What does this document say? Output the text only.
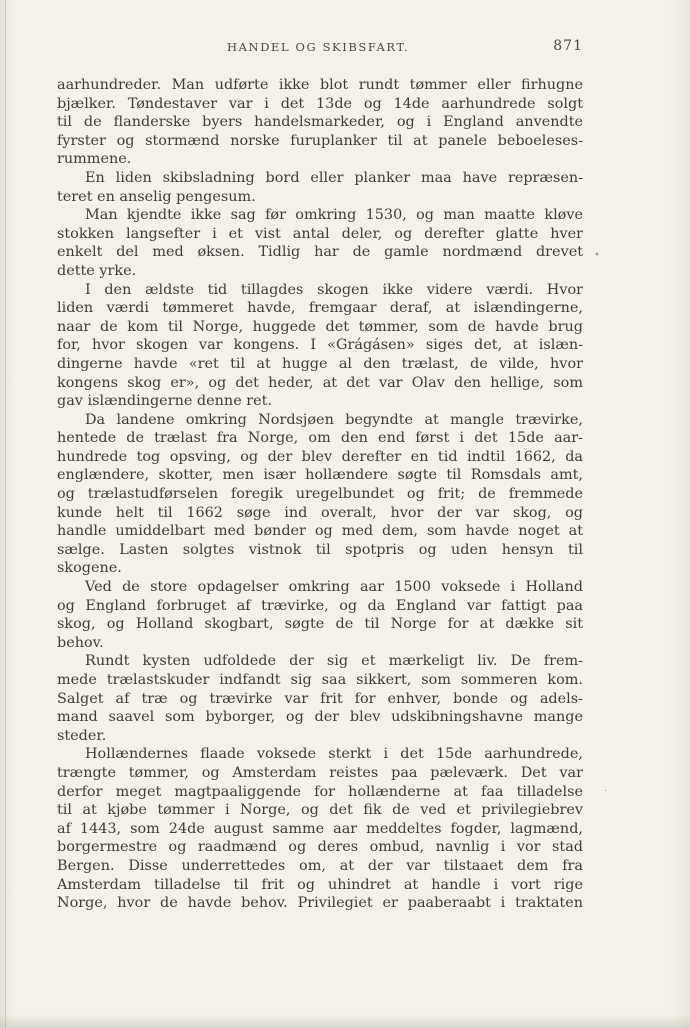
HANDEL OG SKIBSFART.	871
aarhundreder. Man udførte ikke blot rundt tømmer eller firhugne
bjælker. Tøndestaver var i det 13de og 14de aarhundrede solgt
til de flanderske byers handelsmarkeder, og i England anvendte
fyrster og stormænd norske furuplanker til at panele beboeleses-
rummene.
En liden skibsladning bord eller planker maa have repræsen-
teret en anselig pengesum.
Man kjendte ikke sag før omkring 1530, og man maatte kløve
stokken langsefter i et vist antal deler, og derefter glatte hver
enkelt del med øksen. Tidlig har de gamle nordmænd drevet
dette yrke.
I den ældste tid tillagdes skogen ikke videre værdi. Hvor
liden værdi tømmeret havde, fremgaar deraf, at islændingerne,
naar de kom til Norge, huggede det tømmer, som de havde brug
for, hvor skogen var kongens. I «Grágásen» siges det, at islæn-
dingerne havde «ret til at hugge al den trælast, de vilde, hvor
kongens skog er», og det heder, at det var Olav den hellige, som
gav islændingerne denne ret.
Da landene omkring Nordsjøen begyndte at mangle trævirke,
hentede de trælast fra Norge, om den end først i det 15de aar-
hundrede tog opsving, og der blev derefter en tid indtil 1662, da
englændere, skotter, men især hollændere søgte til Romsdals amt,
og trælastudførselen foregik uregelbundet og frit; de fremmede
kunde helt til 1662 søge ind overalt, hvor der var skog, og
handle umiddelbart med bønder og med dem, som havde noget at
sælge. Lasten solgtes vistnok til spotpris og uden hensyn til
skogene.
Ved de store opdagelser omkring aar 1500 voksede i Holland
og England forbruget af trævirke, og da England var fattigt paa
skog, og Holland skogbart, søgte de til Norge for at dække sit
behov.
Rundt kysten udfoldede der sig et mærkeligt liv. De frem-
mede trælastskuder indfandt sig saa sikkert, som sommeren kom.
Salget af træ og trævirke var frit for enhver, bonde og adels-
mand saavel som byborger, og der blev udskibningshavne mange
steder.
Hollændernes flaade voksede sterkt i det 15de aarhundrede,
trængte tømmer, og Amsterdam reistes paa pæleværk. Det var
derfor meget magtpaaliggende for hollænderne at faa tilladelse
til at kjøbe tømmer i Norge, og det fik de ved et privilegiebrev
af 1443, som 24de august samme aar meddeltes fogder, lagmænd,
borgermestre og raadmænd og deres ombud, navnlig i vor stad
Bergen. Disse underrettedes om, at der var tilstaaet dem fra
Amsterdam tilladelse til frit og uhindret at handle i vort rige
Norge, hvor de havde behov. Privilegiet er paaberaabt i traktaten
•
·
